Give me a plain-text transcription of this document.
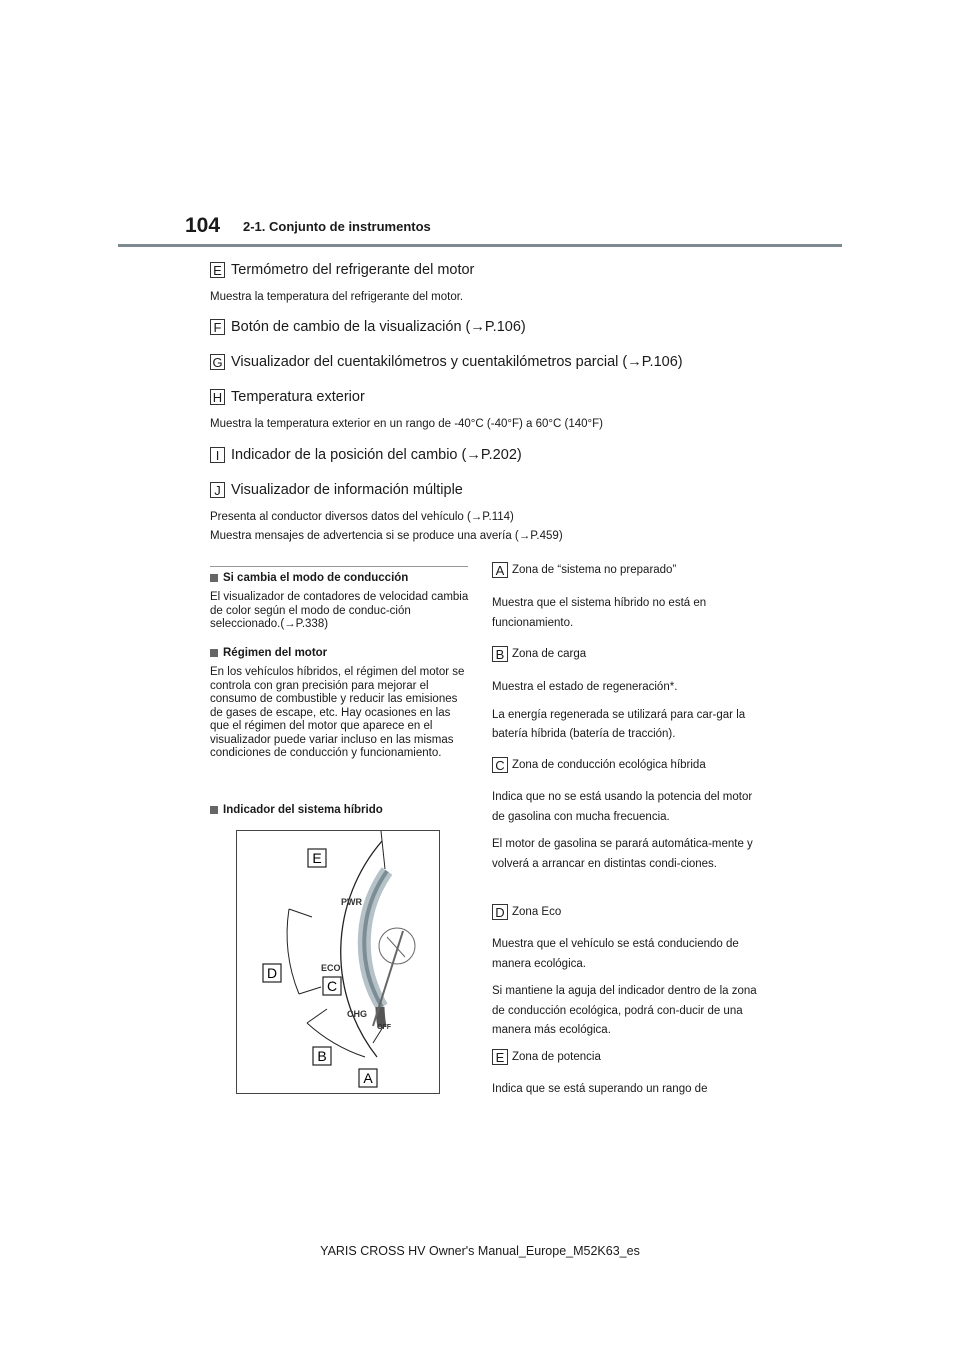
104 2-1. Conjunto de instrumentos
E Termómetro del refrigerante del motor
Muestra la temperatura del refrigerante del motor.
F Botón de cambio de la visualización (→P.106)
G Visualizador del cuentakilómetros y cuentakilómetros parcial (→P.106)
H Temperatura exterior
Muestra la temperatura exterior en un rango de -40°C (-40°F) a 60°C (140°F)
I Indicador de la posición del cambio (→P.202)
J Visualizador de información múltiple
Presenta al conductor diversos datos del vehículo (→P.114)
Muestra mensajes de advertencia si se produce una avería (→P.459)
Si cambia el modo de conducción
El visualizador de contadores de velocidad cambia de color según el modo de conduc-ción seleccionado.(→P.338)
Régimen del motor
En los vehículos híbridos, el régimen del motor se controla con gran precisión para mejorar el consumo de combustible y reducir las emisiones de gases de escape, etc. Hay ocasiones en las que el régimen del motor que aparece en el visualizador puede variar incluso en las mismas condiciones de conducción y funcionamiento.
Indicador del sistema híbrido
PWR
ECO
CHG
OFF
E
D
C
B
A
A Zona de “sistema no preparado”

Muestra que el sistema híbrido no está en funcionamiento.

B Zona de carga

Muestra el estado de regeneración*.

La energía regenerada se utilizará para car-gar la batería híbrida (batería de tracción).

C Zona de conducción ecológica híbrida

Indica que no se está usando la potencia del motor de gasolina con mucha frecuencia.

El motor de gasolina se parará automática-mente y volverá a arrancar en distintas condi-ciones.

D Zona Eco

Muestra que el vehículo se está conduciendo de manera ecológica.

Si mantiene la aguja del indicador dentro de la zona de conducción ecológica, podrá con-ducir de una manera más ecológica.

E Zona de potencia

Indica que se está superando un rango de

YARIS CROSS HV Owner's Manual_Europe_M52K63_es
